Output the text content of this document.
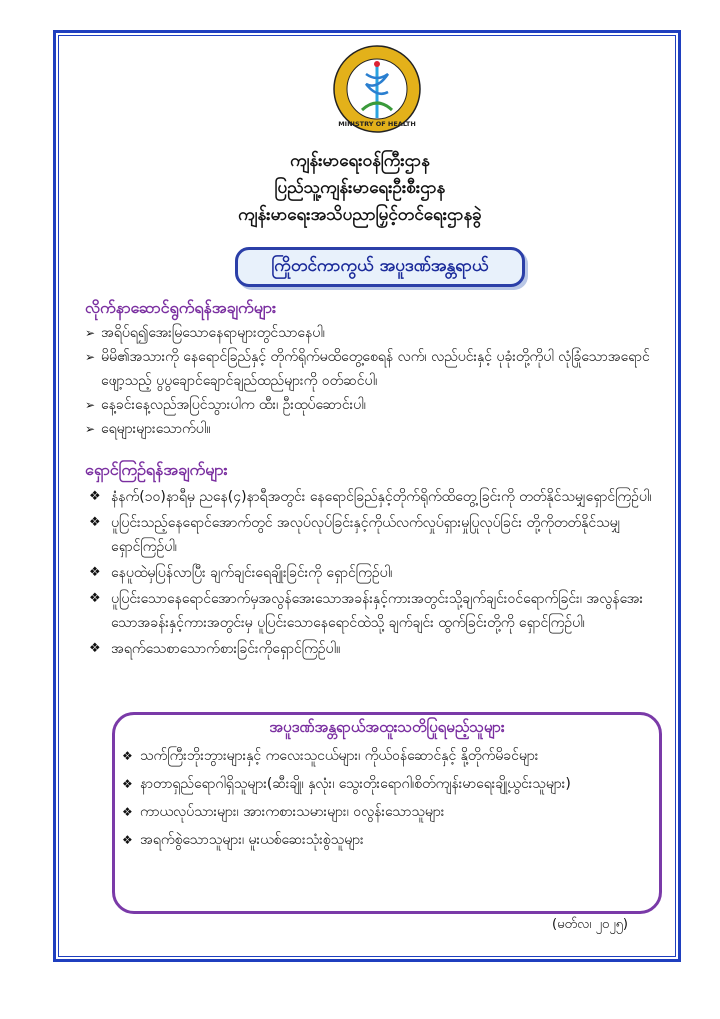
MINISTRY OF HEALTH
ကျန်းမာရေးဝန်ကြီးဌာန
ပြည်သူ့ကျန်းမာရေးဦးစီးဌာန
ကျန်းမာရေးအသိပညာမြှင့်တင်ရေးဌာနခွဲ
ကြိုတင်ကာကွယ် အပူဒဏ်အန္တရာယ်
လိုက်နာဆောင်ရွက်ရန်အချက်များ
➢ အရိပ်ရ၍အေးမြသောနေရာများတွင်သာနေပါ၊
➢ မိမိ၏အသားကို နေရောင်ခြည်နှင့် တိုက်ရိုက်မထိတွေ့စေရန် လက်၊ လည်ပင်းနှင့် ပုခုံးတို့ကိုပါ လုံခြုံသောအရောင်ဖျော့သည့် ပွပွချောင်ချောင်ချည်ထည်များကို ဝတ်ဆင်ပါ၊
➢ နေ့ခင်းနေ့လည်အပြင်သွားပါက ထီး၊ ဦးထုပ်ဆောင်းပါ၊
➢ ရေများများသောက်ပါ။
ရှောင်ကြဉ်ရန်အချက်များ
❖ နံနက်(၁၀)နာရီမှ ညနေ(၄)နာရီအတွင်း နေရောင်ခြည်နှင့်တိုက်ရိုက်ထိတွေ့ခြင်းကို တတ်နိုင်သမျှရှောင်ကြဉ်ပါ၊
❖ ပူပြင်းသည့်နေရောင်အောက်တွင် အလုပ်လုပ်ခြင်းနှင့်ကိုယ်လက်လှုပ်ရှားမှုပြုလုပ်ခြင်း တို့ကိုတတ်နိုင်သမျှရှောင်ကြဉ်ပါ၊
❖ နေပူထဲမှပြန်လာပြီး ချက်ချင်းရေချိုးခြင်းကို ရှောင်ကြဉ်ပါ၊
❖ ပူပြင်းသောနေရောင်အောက်မှအလွန်အေးသောအခန်းနှင့်ကားအတွင်းသို့ချက်ချင်းဝင်ရောက်ခြင်း၊ အလွန်အေးသောအခန်းနှင့်ကားအတွင်းမှ ပူပြင်းသောနေရောင်ထဲသို့ ချက်ချင်း ထွက်ခြင်းတို့ကို ရှောင်ကြဉ်ပါ၊
❖ အရက်သေစာသောက်စားခြင်းကိုရှောင်ကြဉ်ပါ။
အပူဒဏ်အန္တရာယ်အထူးသတိပြုရမည့်သူများ
❖ သက်ကြီးဘိုးဘွားများနှင့် ကလေးသူငယ်များ၊ ကိုယ်ဝန်ဆောင်နှင့် နို့တိုက်မိခင်များ
❖ နာတာရှည်ရောဂါရှိသူများ(ဆီးချို၊ နှလုံး၊ သွေးတိုးရောဂါ၊စိတ်ကျန်းမာရေးချို့ယွင်းသူများ)
❖ ကာယလုပ်သားများ၊ အားကစားသမားများ၊ ဝလွန်းသောသူများ
❖ အရက်စွဲသောသူများ၊ မူးယစ်ဆေးသုံးစွဲသူများ
(မတ်လ၊ ၂၀၂၅)
